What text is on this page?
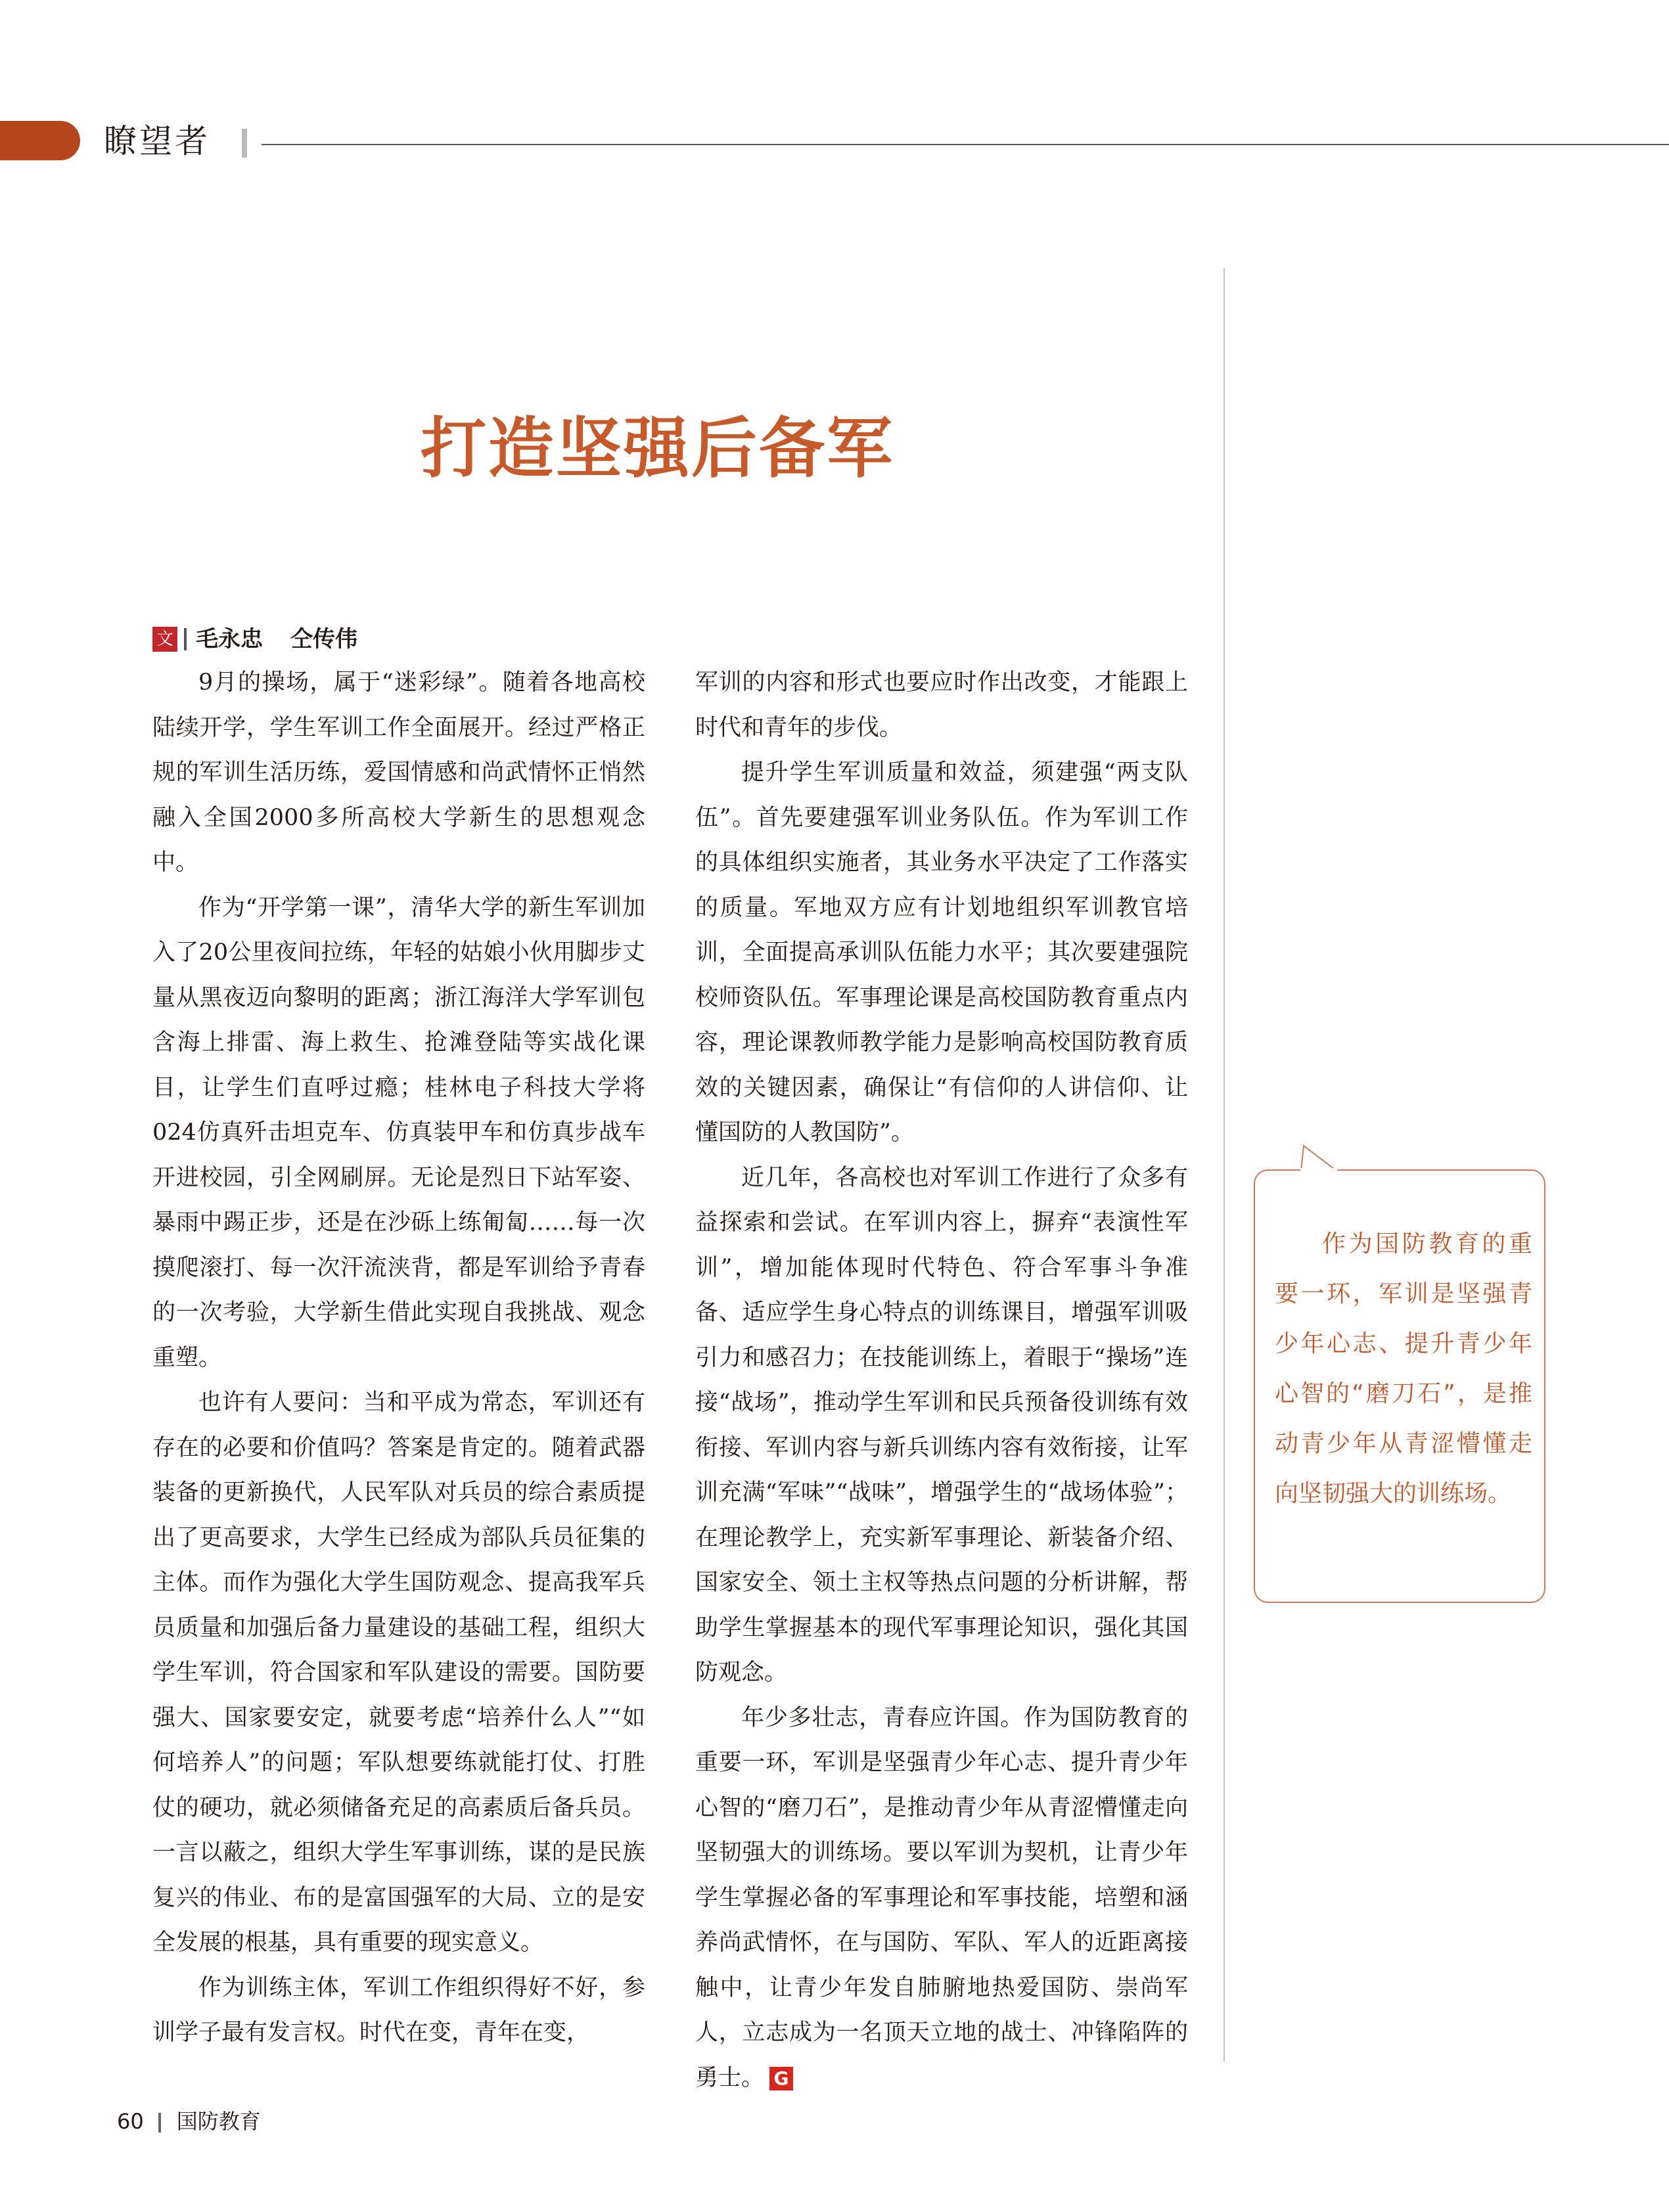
瞭望者
打造坚强后备军
文 毛永忠 仝传伟

9月的操场，属于“迷彩绿”。随着各地高校陆续开学，学生军训工作全面展开。经过严格正规的军训生活历练，爱国情感和尚武情怀正悄然融入全国2000多所高校大学新生的思想观念中。

作为“开学第一课”，清华大学的新生军训加入了20公里夜间拉练，年轻的姑娘小伙用脚步丈量从黑夜迈向黎明的距离；浙江海洋大学军训包含海上排雷、海上救生、抢滩登陆等实战化课目，让学生们直呼过瘾；桂林电子科技大学将024仿真歼击坦克车、仿真装甲车和仿真步战车开进校园，引全网刷屏。无论是烈日下站军姿、暴雨中踢正步，还是在沙砾上练匍匐……每一次摸爬滚打、每一次汗流浃背，都是军训给予青春的一次考验，大学新生借此实现自我挑战、观念重塑。

也许有人要问：当和平成为常态，军训还有存在的必要和价值吗？答案是肯定的。随着武器装备的更新换代，人民军队对兵员的综合素质提出了更高要求，大学生已经成为部队兵员征集的主体。而作为强化大学生国防观念、提高我军兵员质量和加强后备力量建设的基础工程，组织大学生军训，符合国家和军队建设的需要。国防要强大、国家要安定，就要考虑“培养什么人”“如何培养人”的问题；军队想要练就能打仗、打胜仗的硬功，就必须储备充足的高素质后备兵员。一言以蔽之，组织大学生军事训练，谋的是民族复兴的伟业、布的是富国强军的大局、立的是安全发展的根基，具有重要的现实意义。

作为训练主体，军训工作组织得好不好，参训学子最有发言权。时代在变，青年在变，

军训的内容和形式也要应时作出改变，才能跟上时代和青年的步伐。

提升学生军训质量和效益，须建强“两支队伍”。首先要建强军训业务队伍。作为军训工作的具体组织实施者，其业务水平决定了工作落实的质量。军地双方应有计划地组织军训教官培训，全面提高承训队伍能力水平；其次要建强院校师资队伍。军事理论课是高校国防教育重点内容，理论课教师教学能力是影响高校国防教育质效的关键因素，确保让“有信仰的人讲信仰、让懂国防的人教国防”。

近几年，各高校也对军训工作进行了众多有益探索和尝试。在军训内容上，摒弃“表演性军训”，增加能体现时代特色、符合军事斗争准备、适应学生身心特点的训练课目，增强军训吸引力和感召力；在技能训练上，着眼于“操场”连接“战场”，推动学生军训和民兵预备役训练有效衔接、军训内容与新兵训练内容有效衔接，让军训充满“军味”“战味”，增强学生的“战场体验”；在理论教学上，充实新军事理论、新装备介绍、国家安全、领土主权等热点问题的分析讲解，帮助学生掌握基本的现代军事理论知识，强化其国防观念。

年少多壮志，青春应许国。作为国防教育的重要一环，军训是坚强青少年心志、提升青少年心智的“磨刀石”，是推动青少年从青涩懵懂走向坚韧强大的训练场。要以军训为契机，让青少年学生掌握必备的军事理论和军事技能，培塑和涵养尚武情怀，在与国防、军队、军人的近距离接触中，让青少年发自肺腑地热爱国防、崇尚军人，立志成为一名顶天立地的战士、冲锋陷阵的勇士。 G

作为国防教育的重要一环，军训是坚强青少年心志、提升青少年心智的“磨刀石”，是推动青少年从青涩懵懂走向坚韧强大的训练场。

60 国防教育
